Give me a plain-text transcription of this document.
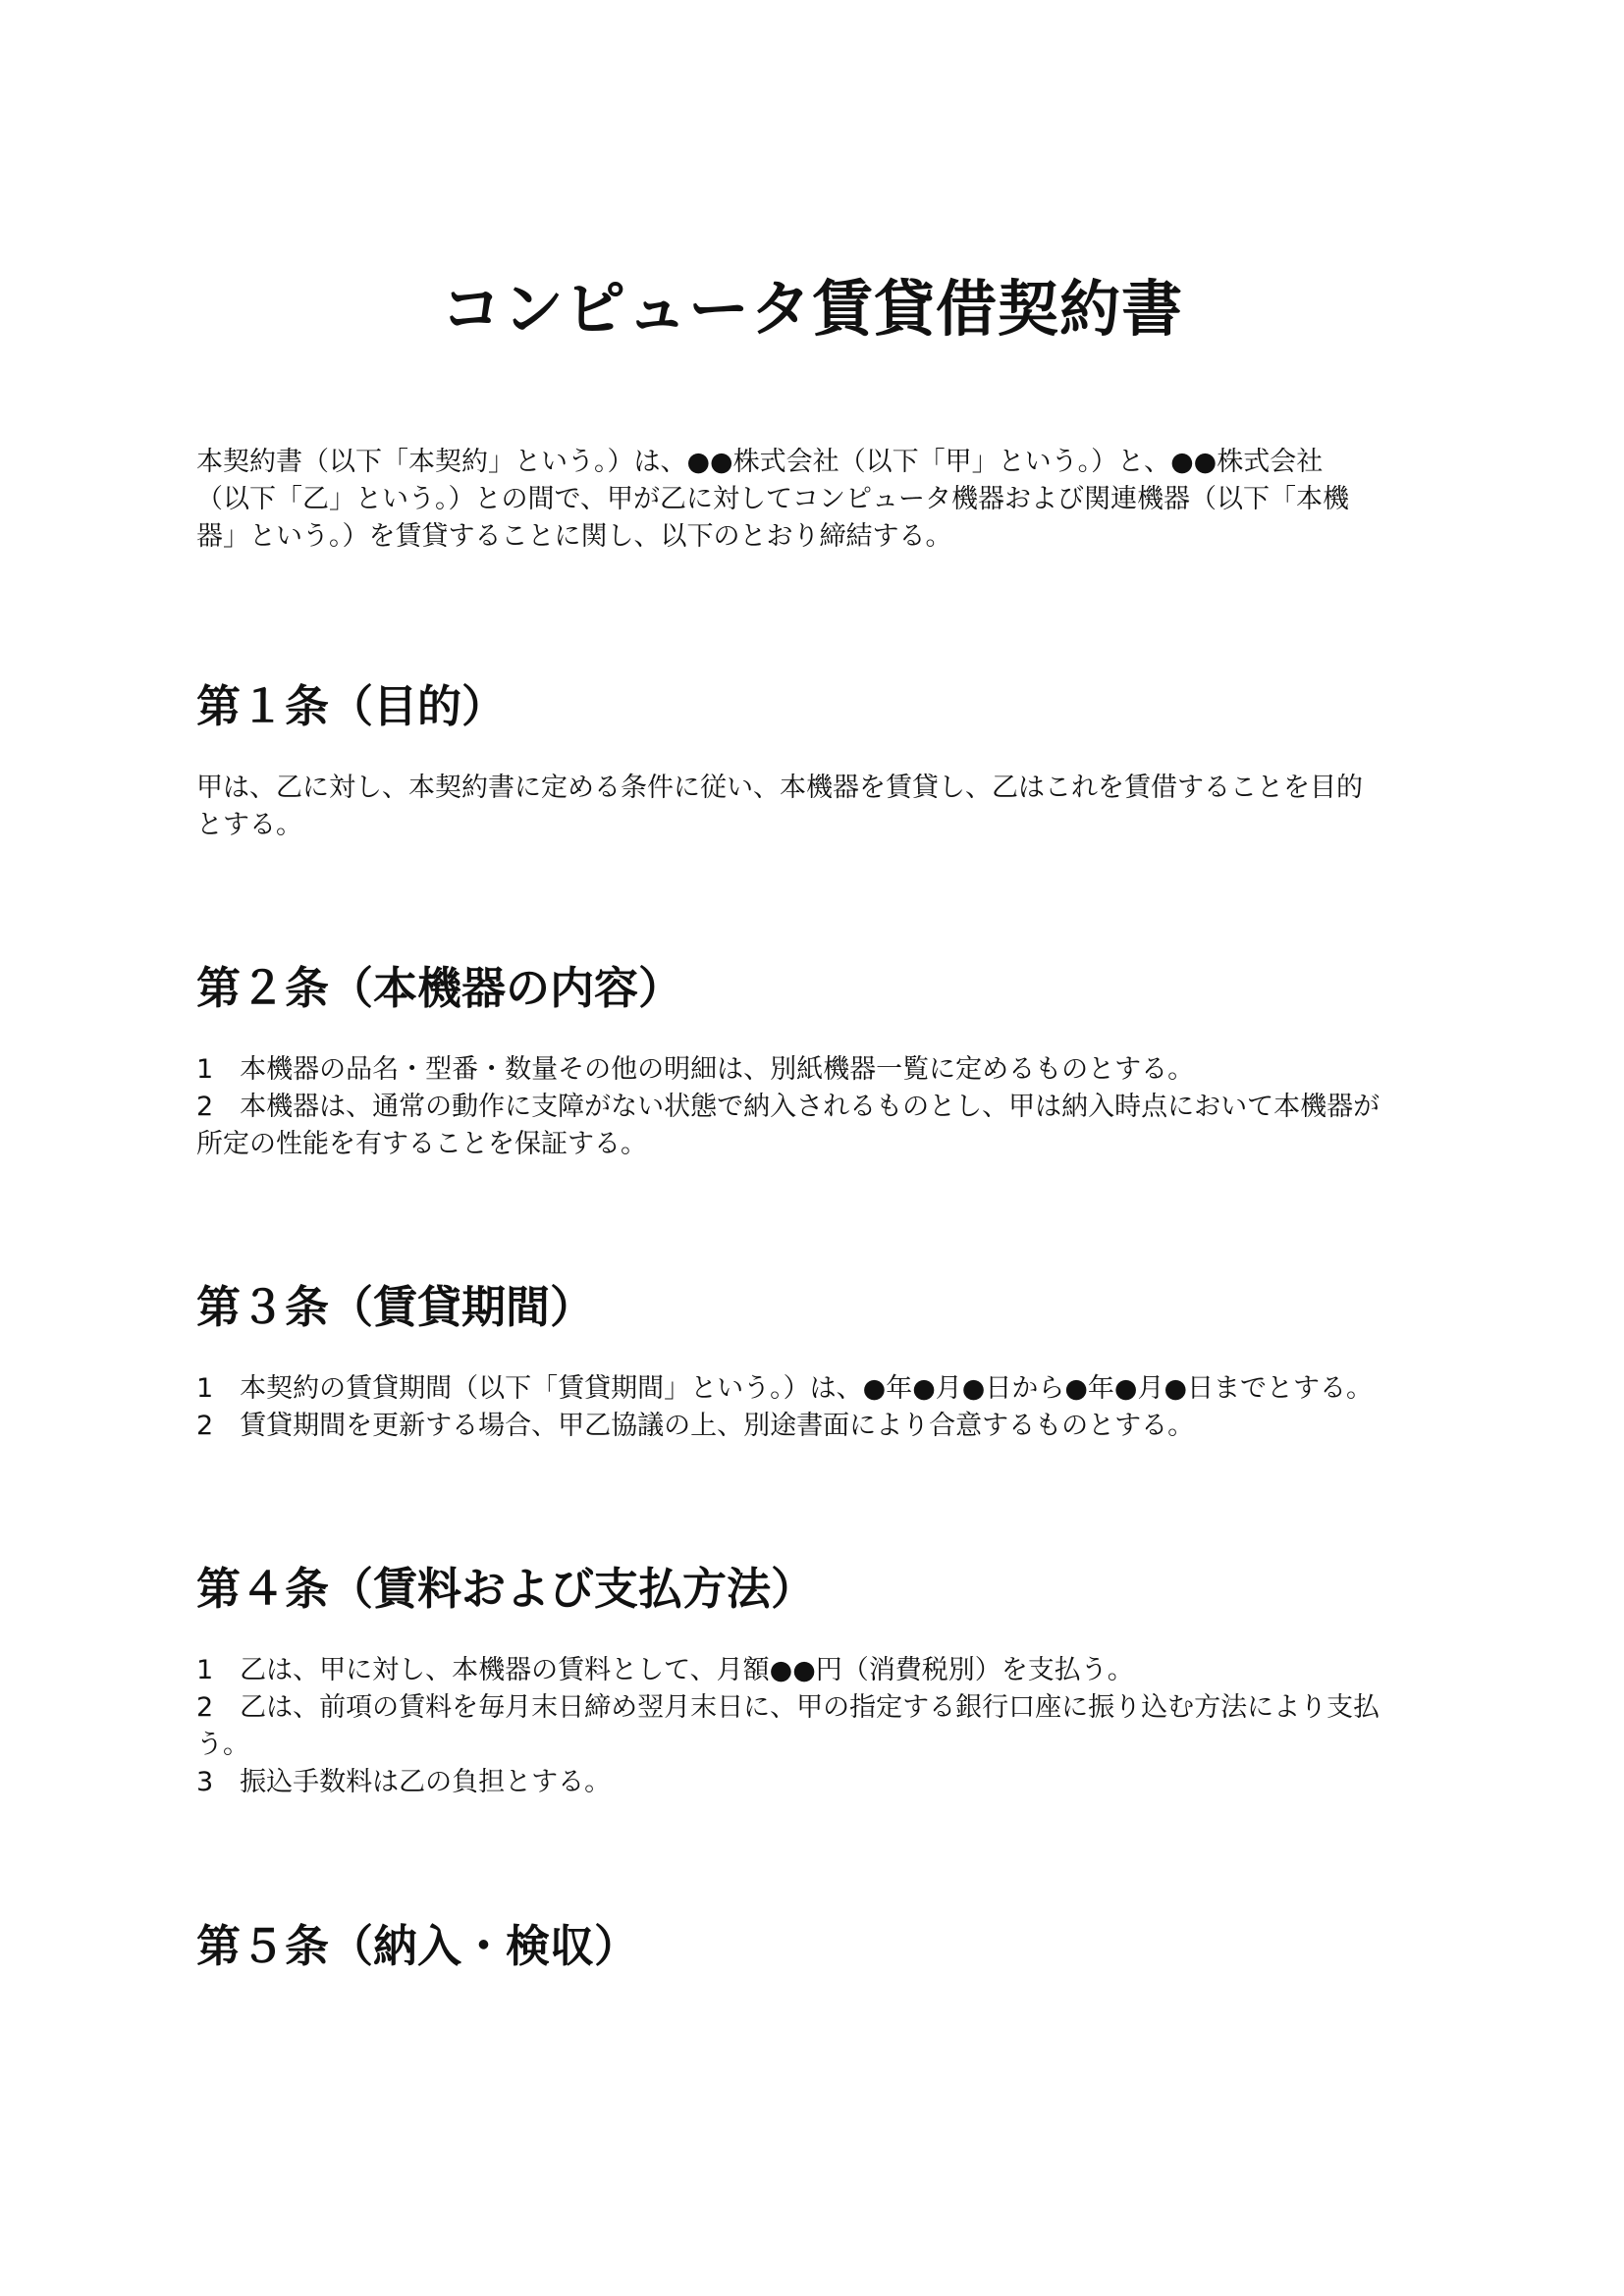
コンピュータ賃貸借契約書

本契約書（以下「本契約」という。）は、●●株式会社（以下「甲」という。）と、●●株式会社
（以下「乙」という。）との間で、甲が乙に対してコンピュータ機器および関連機器（以下「本機
器」という。）を賃貸することに関し、以下のとおり締結する。

第１条（目的）

甲は、乙に対し、本契約書に定める条件に従い、本機器を賃貸し、乙はこれを賃借することを目的
とする。

第２条（本機器の内容）

1　本機器の品名・型番・数量その他の明細は、別紙機器一覧に定めるものとする。
2　本機器は、通常の動作に支障がない状態で納入されるものとし、甲は納入時点において本機器が
所定の性能を有することを保証する。

第３条（賃貸期間）

1　本契約の賃貸期間（以下「賃貸期間」という。）は、●年●月●日から●年●月●日までとする。
2　賃貸期間を更新する場合、甲乙協議の上、別途書面により合意するものとする。

第４条（賃料および支払方法）

1　乙は、甲に対し、本機器の賃料として、月額●●円（消費税別）を支払う。
2　乙は、前項の賃料を毎月末日締め翌月末日に、甲の指定する銀行口座に振り込む方法により支払
う。
3　振込手数料は乙の負担とする。

第５条（納入・検収）
